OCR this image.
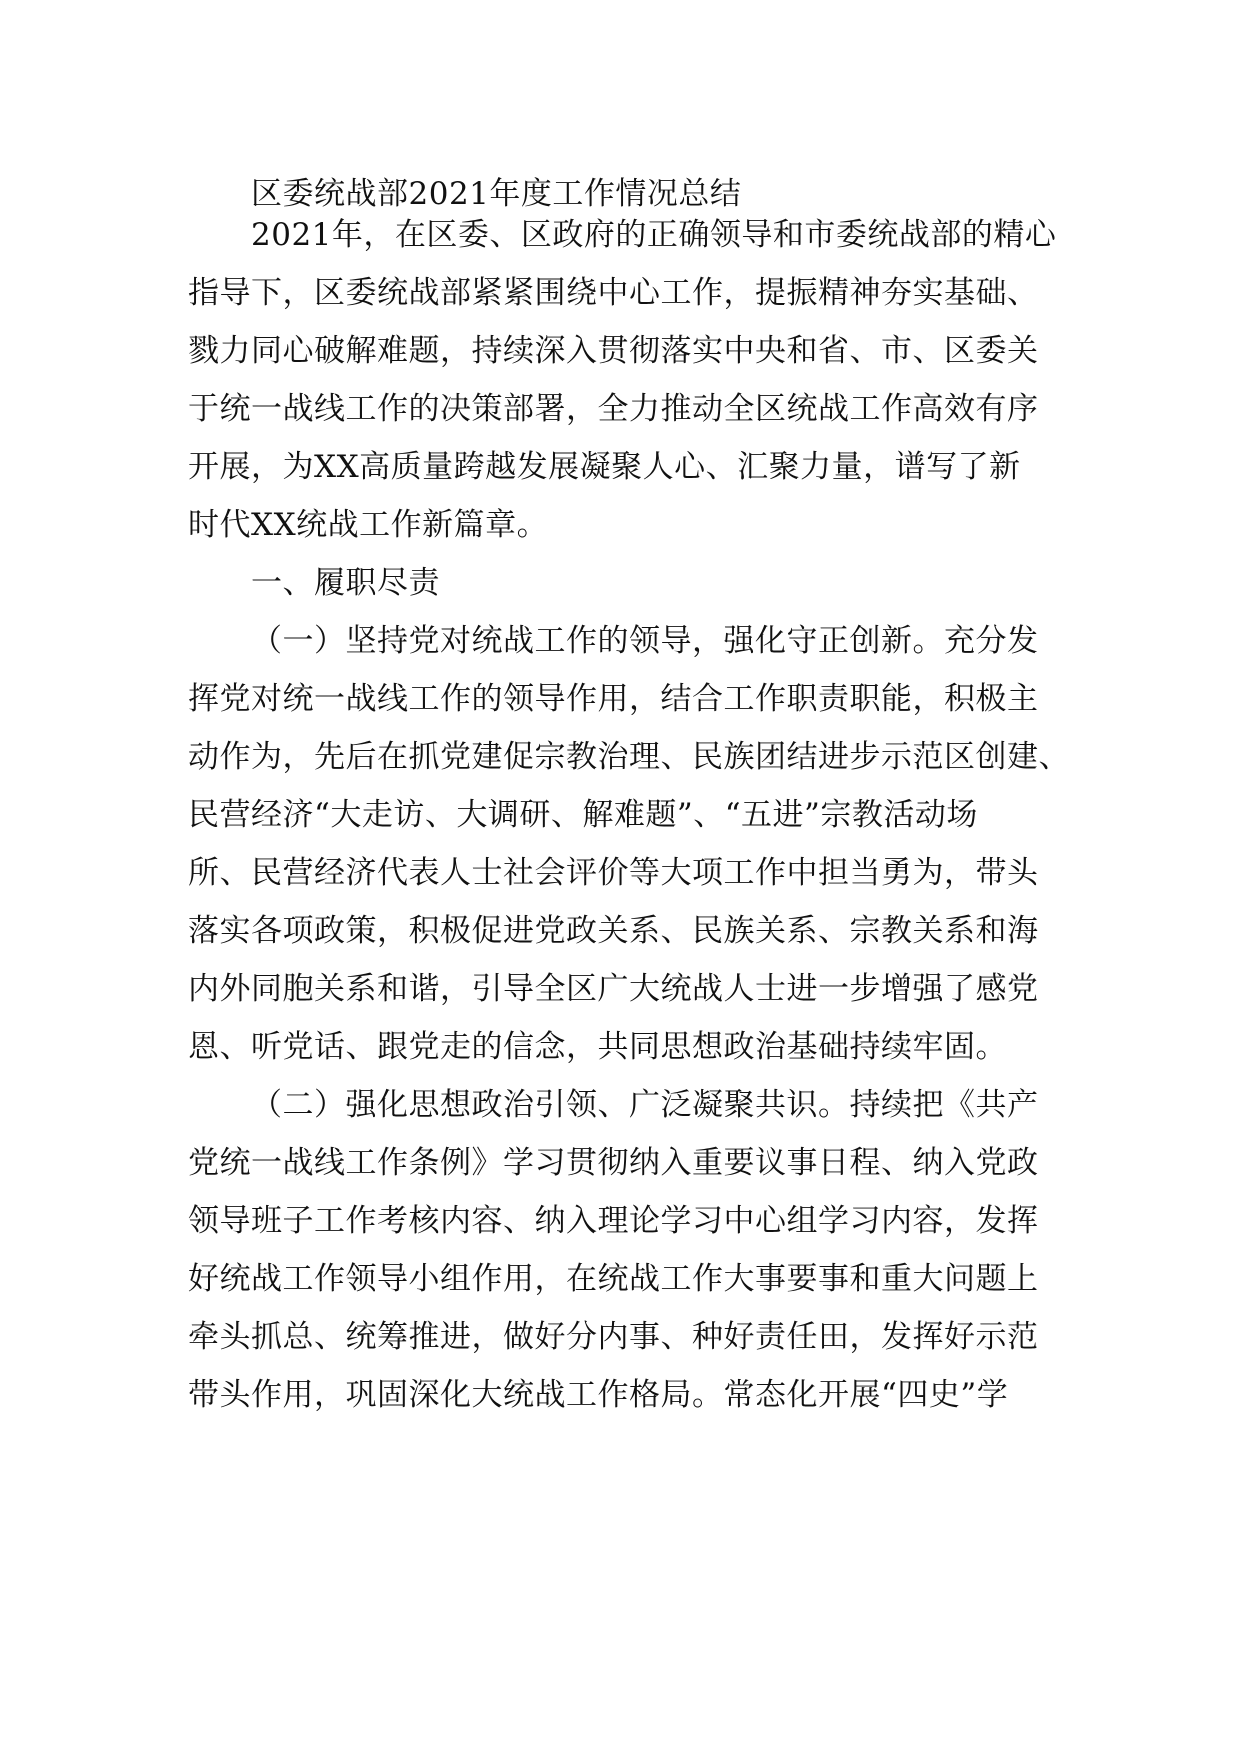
区委统战部2021年度工作情况总结
2021年，在区委、区政府的正确领导和市委统战部的精心
指导下，区委统战部紧紧围绕中心工作，提振精神夯实基础、
戮力同心破解难题，持续深入贯彻落实中央和省、市、区委关
于统一战线工作的决策部署，全力推动全区统战工作高效有序
开展，为XX高质量跨越发展凝聚人心、汇聚力量，谱写了新
时代XX统战工作新篇章。
一、履职尽责
（一）坚持党对统战工作的领导，强化守正创新。充分发
挥党对统一战线工作的领导作用，结合工作职责职能，积极主
动作为，先后在抓党建促宗教治理、民族团结进步示范区创建、
民营经济“大走访、大调研、解难题”、“五进”宗教活动场
所、民营经济代表人士社会评价等大项工作中担当勇为，带头
落实各项政策，积极促进党政关系、民族关系、宗教关系和海
内外同胞关系和谐，引导全区广大统战人士进一步增强了感党
恩、听党话、跟党走的信念，共同思想政治基础持续牢固。
（二）强化思想政治引领、广泛凝聚共识。持续把《共产
党统一战线工作条例》学习贯彻纳入重要议事日程、纳入党政
领导班子工作考核内容、纳入理论学习中心组学习内容，发挥
好统战工作领导小组作用，在统战工作大事要事和重大问题上
牵头抓总、统筹推进，做好分内事、种好责任田，发挥好示范
带头作用，巩固深化大统战工作格局。常态化开展“四史”学
